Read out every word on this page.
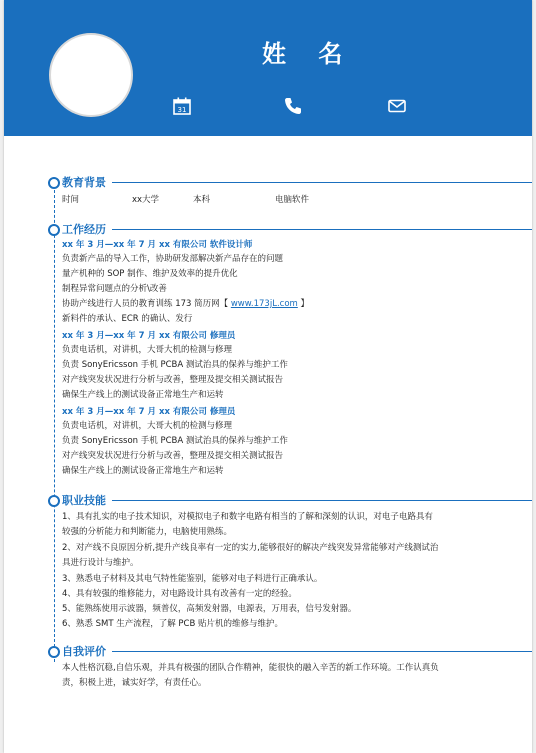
姓 名
31
教育背景
时间	xx大学	本科	电脑软件
工作经历
xx 年 3 月—xx 年 7 月 xx 有限公司 软件设计师
负责新产品的导入工作，协助研发部解决新产品存在的问题
量产机种的 SOP 制作、维护及效率的提升优化
制程异常问题点的分析\改善
协助产线进行人员的教育训练 173 简历网【 www.173jL.com 】
新料件的承认、ECR 的确认、发行
xx 年 3 月—xx 年 7 月 xx 有限公司 修理员
负责电话机，对讲机，大哥大机的检测与修理
负责 SonyEricsson 手机 PCBA 测试治具的保养与维护工作
对产线突发状况进行分析与改善，整理及提交相关测试报告
确保生产线上的测试设备正常地生产和运转
xx 年 3 月—xx 年 7 月 xx 有限公司 修理员
负责电话机，对讲机，大哥大机的检测与修理
负责 SonyEricsson 手机 PCBA 测试治具的保养与维护工作
对产线突发状况进行分析与改善，整理及提交相关测试报告
确保生产线上的测试设备正常地生产和运转
职业技能
1、具有扎实的电子技术知识，对模拟电子和数字电路有相当的了解和深刻的认识，对电子电路具有
较强的分析能力和判断能力，电脑使用熟练。
2、对产线不良原因分析,提升产线良率有一定的实力,能够很好的解决产线突发异常能够对产线测试治
具进行设计与维护。
3、熟悉电子材料及其电气特性能鉴别，能够对电子料进行正确承认。
4、具有较强的维修能力，对电路设计具有改善有一定的经验。
5、能熟练使用示波器，频普仪，高频发射器，电源表，万用表，信号发射器。
6、熟悉 SMT 生产流程，了解 PCB 贴片机的维修与维护。
自我评价
本人性格沉稳,自信乐观，并具有极强的团队合作精神，能很快的融入辛苦的新工作环境。工作认真负
责，积极上进，诚实好学，有责任心。
